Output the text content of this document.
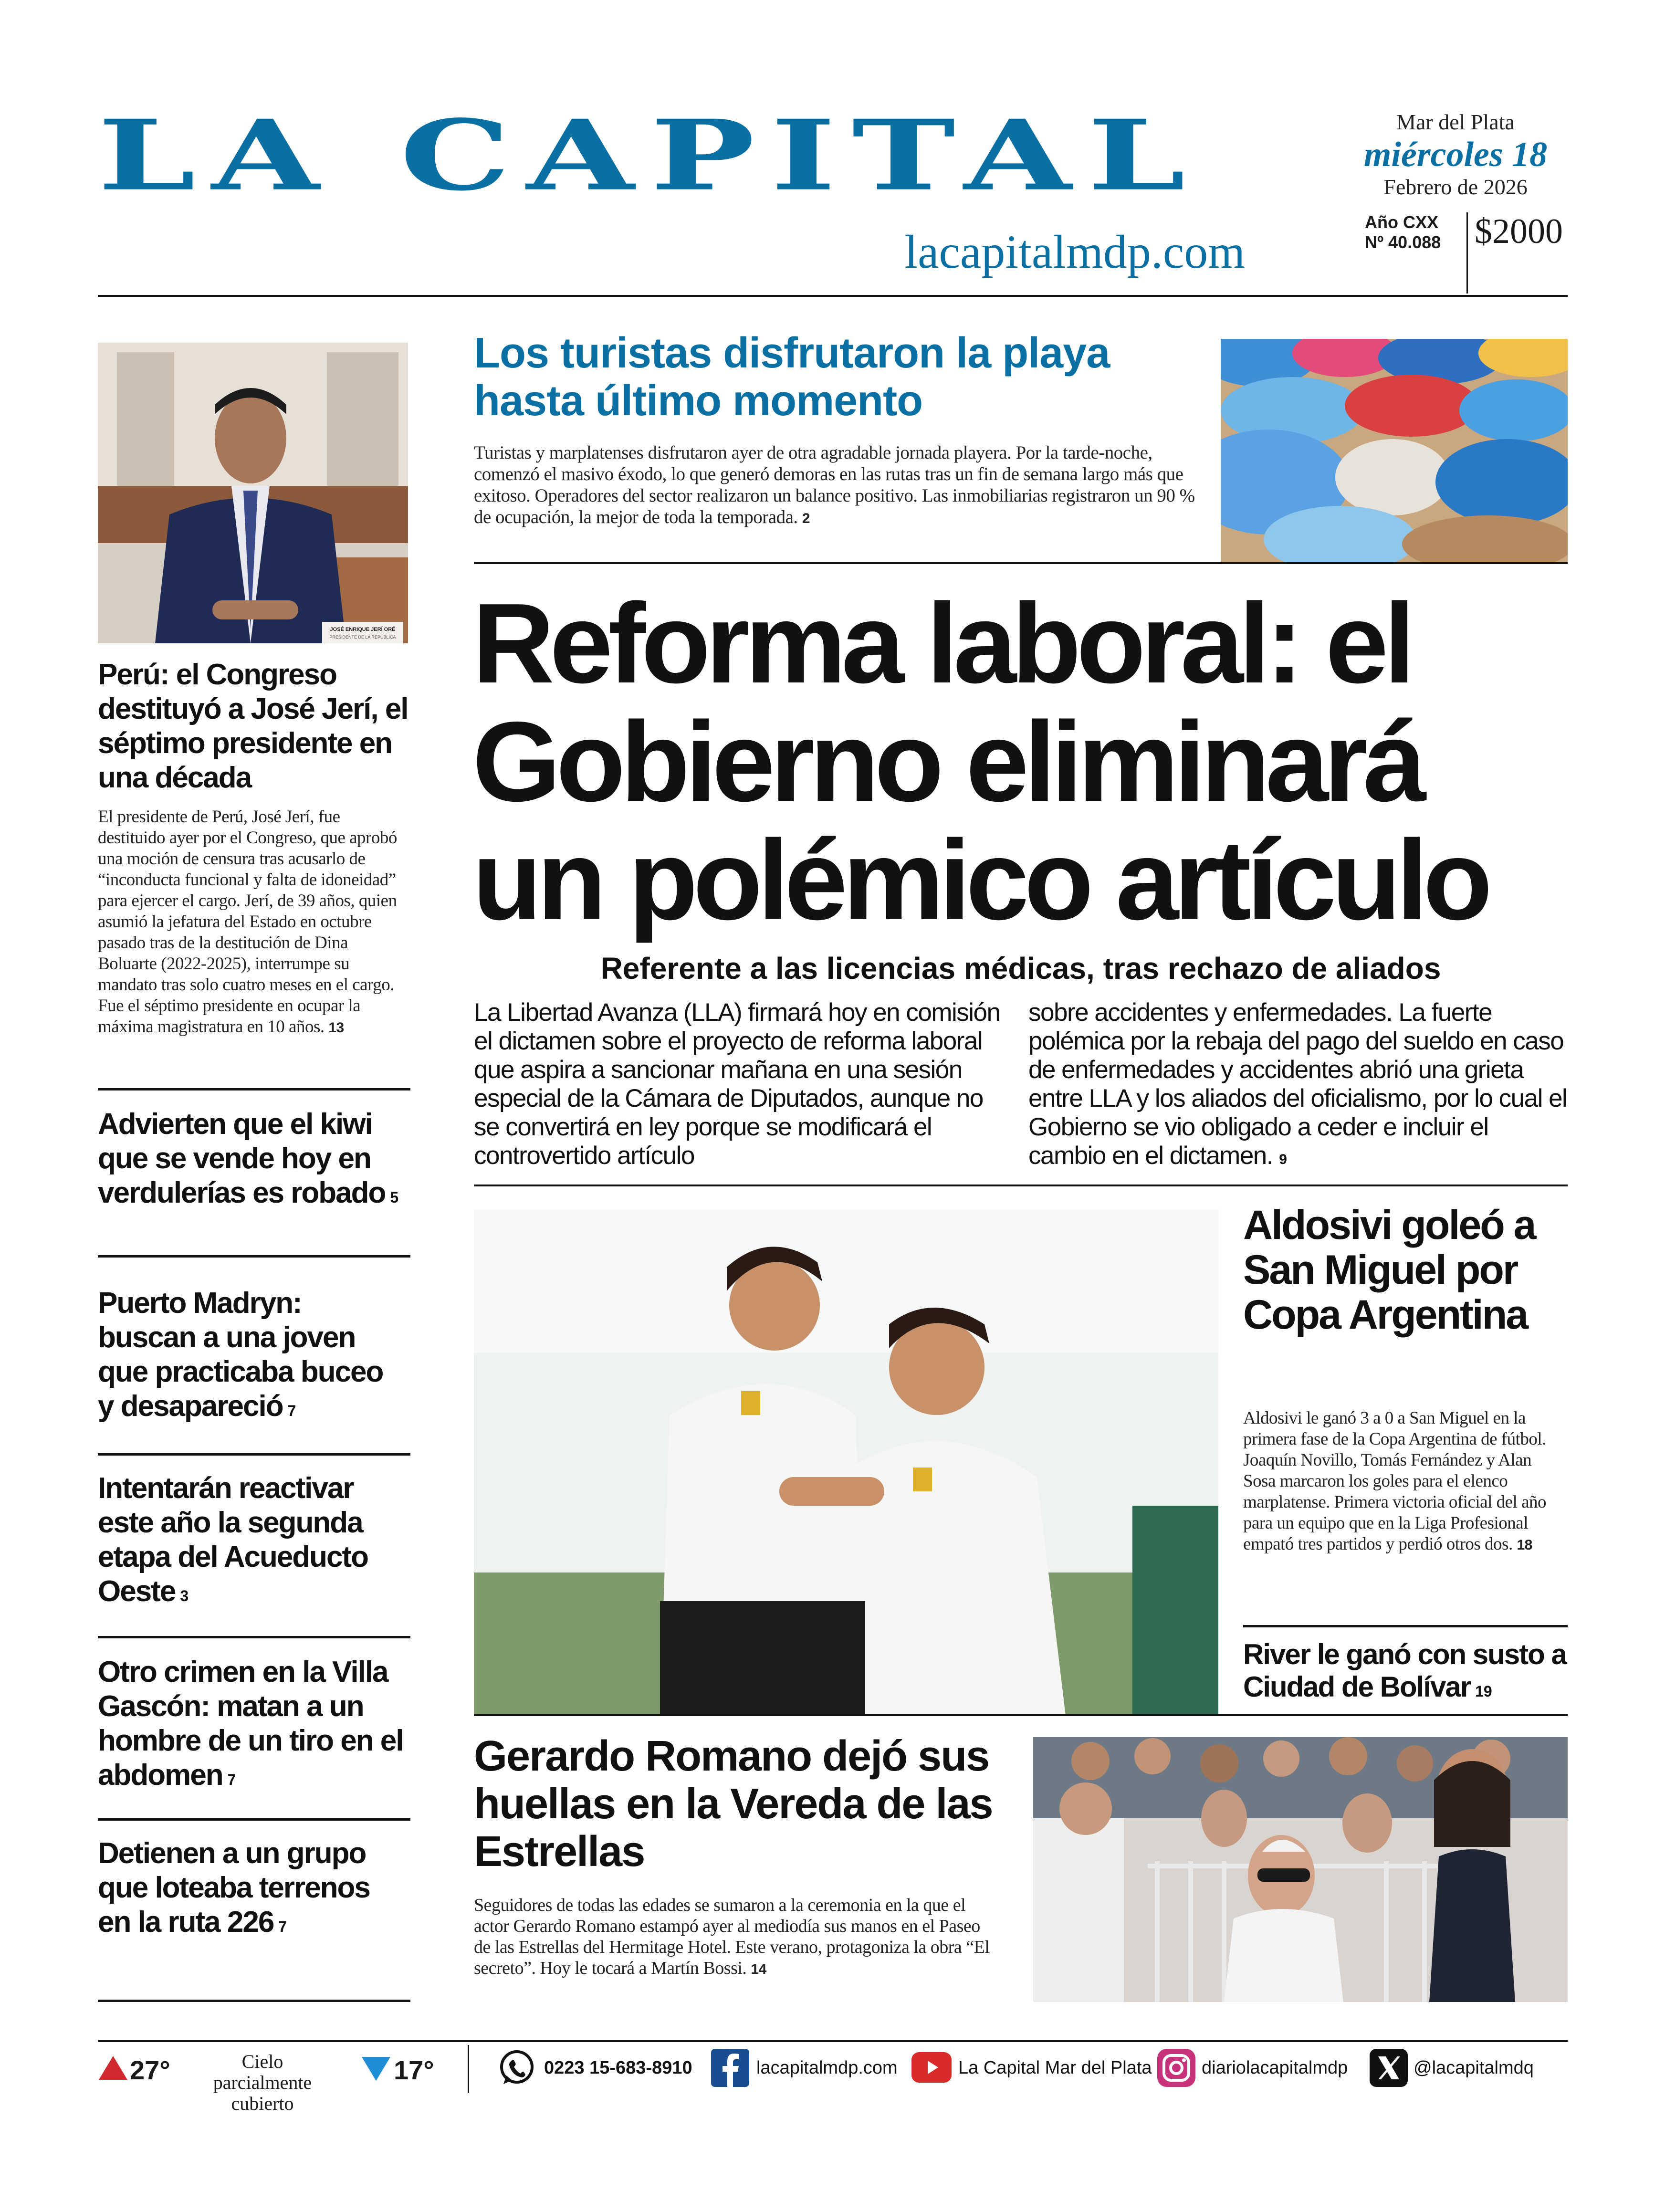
LA CAPITAL
lacapitalmdp.com
Mar del Plata
miércoles 18
Febrero de 2026
Año CXX
Nº 40.088 $2000
JOSÉ ENRIQUE JERÍ ORÉ
PRESIDENTE DE LA REPÚBLICA
Perú: el Congreso destituyó a José Jerí, el séptimo presidente en una década
El presidente de Perú, José Jerí, fue destituido ayer por el Congreso, que aprobó una moción de censura tras acusarlo de “inconducta funcional y falta de idoneidad” para ejercer el cargo. Jerí, de 39 años, quien asumió la jefatura del Estado en octubre pasado tras de la destitución de Dina Boluarte (2022-2025), interrumpe su mandato tras solo cuatro meses en el cargo. Fue el séptimo presidente en ocupar la máxima magistratura en 10 años. 13
Advierten que el kiwi que se vende hoy en verdulerías es robado 5
Puerto Madryn: buscan a una joven que practicaba buceo y desapareció 7
Intentarán reactivar este año la segunda etapa del Acueducto Oeste 3
Otro crimen en la Villa Gascón: matan a un hombre de un tiro en el abdomen 7
Detienen a un grupo que loteaba terrenos en la ruta 226 7
Los turistas disfrutaron la playa hasta último momento
Turistas y marplatenses disfrutaron ayer de otra agradable jornada playera. Por la tarde-noche, comenzó el masivo éxodo, lo que generó demoras en las rutas tras un fin de semana largo más que exitoso. Operadores del sector realizaron un balance positivo. Las inmobiliarias registraron un 90 % de ocupación, la mejor de toda la temporada. 2
Reforma laboral: el Gobierno eliminará un polémico artículo
Referente a las licencias médicas, tras rechazo de aliados
La Libertad Avanza (LLA) firmará hoy en comisión el dictamen sobre el proyecto de reforma laboral que aspira a sancionar mañana en una sesión especial de la Cámara de Diputados, aunque no se convertirá en ley porque se modificará el controvertido artículo
sobre accidentes y enfermedades. La fuerte polémica por la rebaja del pago del sueldo en caso de enfermedades y accidentes abrió una grieta entre LLA y los aliados del oficialismo, por lo cual el Gobierno se vio obligado a ceder e incluir el cambio en el dictamen. 9
Aldosivi goleó a San Miguel por Copa Argentina
Aldosivi le ganó 3 a 0 a San Miguel en la primera fase de la Copa Argentina de fútbol. Joaquín Novillo, Tomás Fernández y Alan Sosa marcaron los goles para el elenco marplatense. Primera victoria oficial del año para un equipo que en la Liga Profesional empató tres partidos y perdió otros dos. 18
River le ganó con susto a Ciudad de Bolívar 19
Gerardo Romano dejó sus huellas en la Vereda de las Estrellas
Seguidores de todas las edades se sumaron a la ceremonia en la que el actor Gerardo Romano estampó ayer al mediodía sus manos en el Paseo de las Estrellas del Hermitage Hotel. Este verano, protagoniza la obra “El secreto”. Hoy le tocará a Martín Bossi. 14
27°	Cielo parcialmente cubierto
17°	0223 15-683-8910	lacapitalmdp.com	La Capital Mar del Plata	diariolacapitalmdp	@lacapitalmdq
